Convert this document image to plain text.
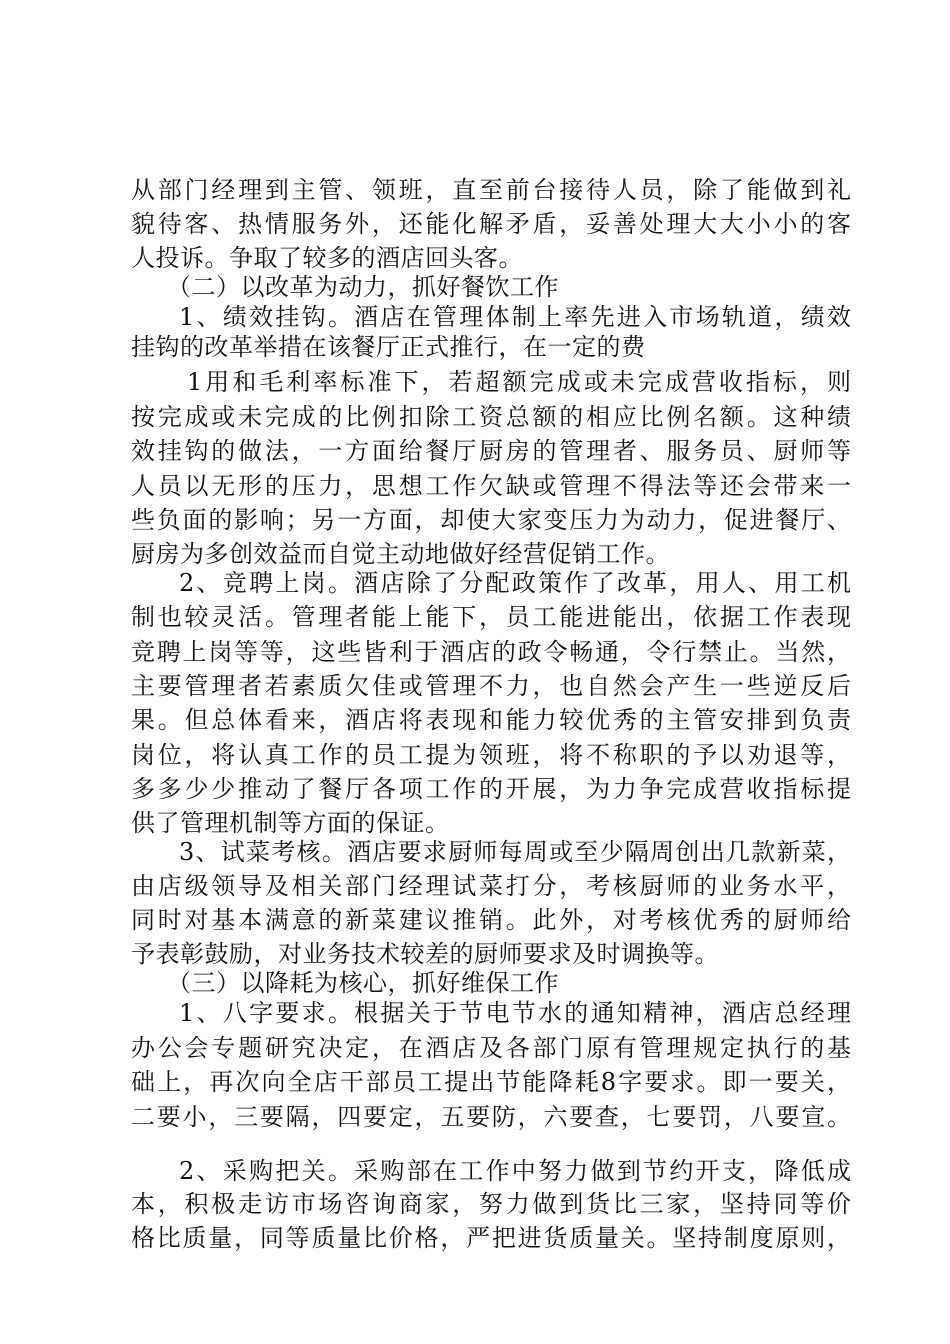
从部门经理到主管、领班，直至前台接待人员，除了能做到礼
貌待客、热情服务外，还能化解矛盾，妥善处理大大小小的客
人投诉。争取了较多的酒店回头客。
（二）以改革为动力，抓好餐饮工作
1、绩效挂钩。酒店在管理体制上率先进入市场轨道，绩效
挂钩的改革举措在该餐厅正式推行，在一定的费
1用和毛利率标准下，若超额完成或未完成营收指标，则
按完成或未完成的比例扣除工资总额的相应比例名额。这种绩
效挂钩的做法，一方面给餐厅厨房的管理者、服务员、厨师等
人员以无形的压力，思想工作欠缺或管理不得法等还会带来一
些负面的影响；另一方面，却使大家变压力为动力，促进餐厅、
厨房为多创效益而自觉主动地做好经营促销工作。
2、竞聘上岗。酒店除了分配政策作了改革，用人、用工机
制也较灵活。管理者能上能下，员工能进能出，依据工作表现
竞聘上岗等等，这些皆利于酒店的政令畅通，令行禁止。当然，
主要管理者若素质欠佳或管理不力，也自然会产生一些逆反后
果。但总体看来，酒店将表现和能力较优秀的主管安排到负责
岗位，将认真工作的员工提为领班，将不称职的予以劝退等，
多多少少推动了餐厅各项工作的开展，为力争完成营收指标提
供了管理机制等方面的保证。
3、试菜考核。酒店要求厨师每周或至少隔周创出几款新菜，
由店级领导及相关部门经理试菜打分，考核厨师的业务水平，
同时对基本满意的新菜建议推销。此外，对考核优秀的厨师给
予表彰鼓励，对业务技术较差的厨师要求及时调换等。
（三）以降耗为核心，抓好维保工作
1、八字要求。根据关于节电节水的通知精神，酒店总经理
办公会专题研究决定，在酒店及各部门原有管理规定执行的基
础上，再次向全店干部员工提出节能降耗8字要求。即一要关，
二要小，三要隔，四要定，五要防，六要查，七要罚，八要宣。
2、采购把关。采购部在工作中努力做到节约开支，降低成
本，积极走访市场咨询商家，努力做到货比三家，坚持同等价
格比质量，同等质量比价格，严把进货质量关。坚持制度原则，
